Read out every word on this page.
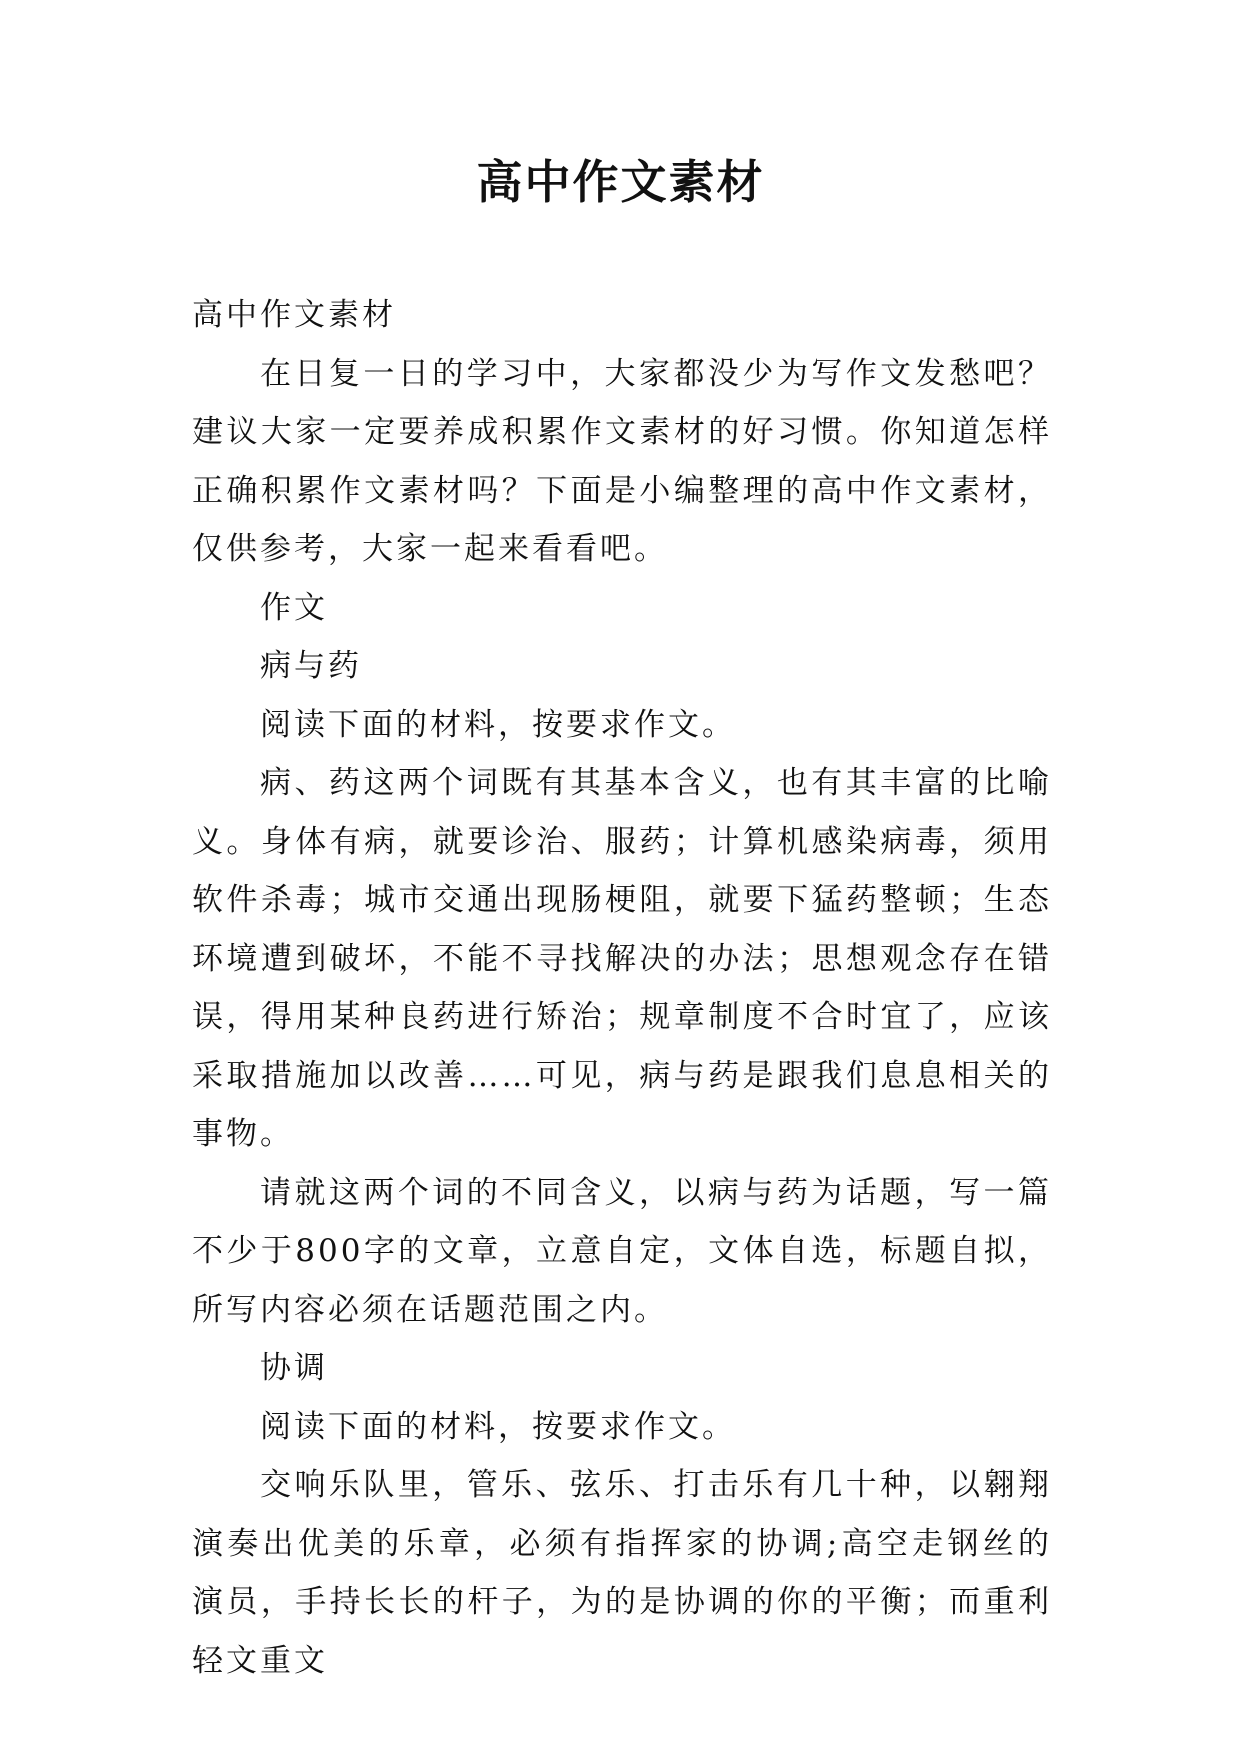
高中作文素材

高中作文素材

在日复一日的学习中，大家都没少为写作文发愁吧？建议大家一定要养成积累作文素材的好习惯。你知道怎样正确积累作文素材吗？下面是小编整理的高中作文素材，仅供参考，大家一起来看看吧。

作文

病与药

阅读下面的材料，按要求作文。

病、药这两个词既有其基本含义，也有其丰富的比喻义。身体有病，就要诊治、服药；计算机感染病毒，须用软件杀毒；城市交通出现肠梗阻，就要下猛药整顿；生态环境遭到破坏，不能不寻找解决的办法；思想观念存在错误，得用某种良药进行矫治；规章制度不合时宜了，应该采取措施加以改善……可见，病与药是跟我们息息相关的事物。

请就这两个词的不同含义，以病与药为话题，写一篇不少于800字的文章，立意自定，文体自选，标题自拟，所写内容必须在话题范围之内。

协调

阅读下面的材料，按要求作文。

交响乐队里，管乐、弦乐、打击乐有几十种，以翱翔演奏出优美的乐章，必须有指挥家的协调;高空走钢丝的演员，手持长长的杆子，为的是协调的你的平衡；而重利轻文重文
